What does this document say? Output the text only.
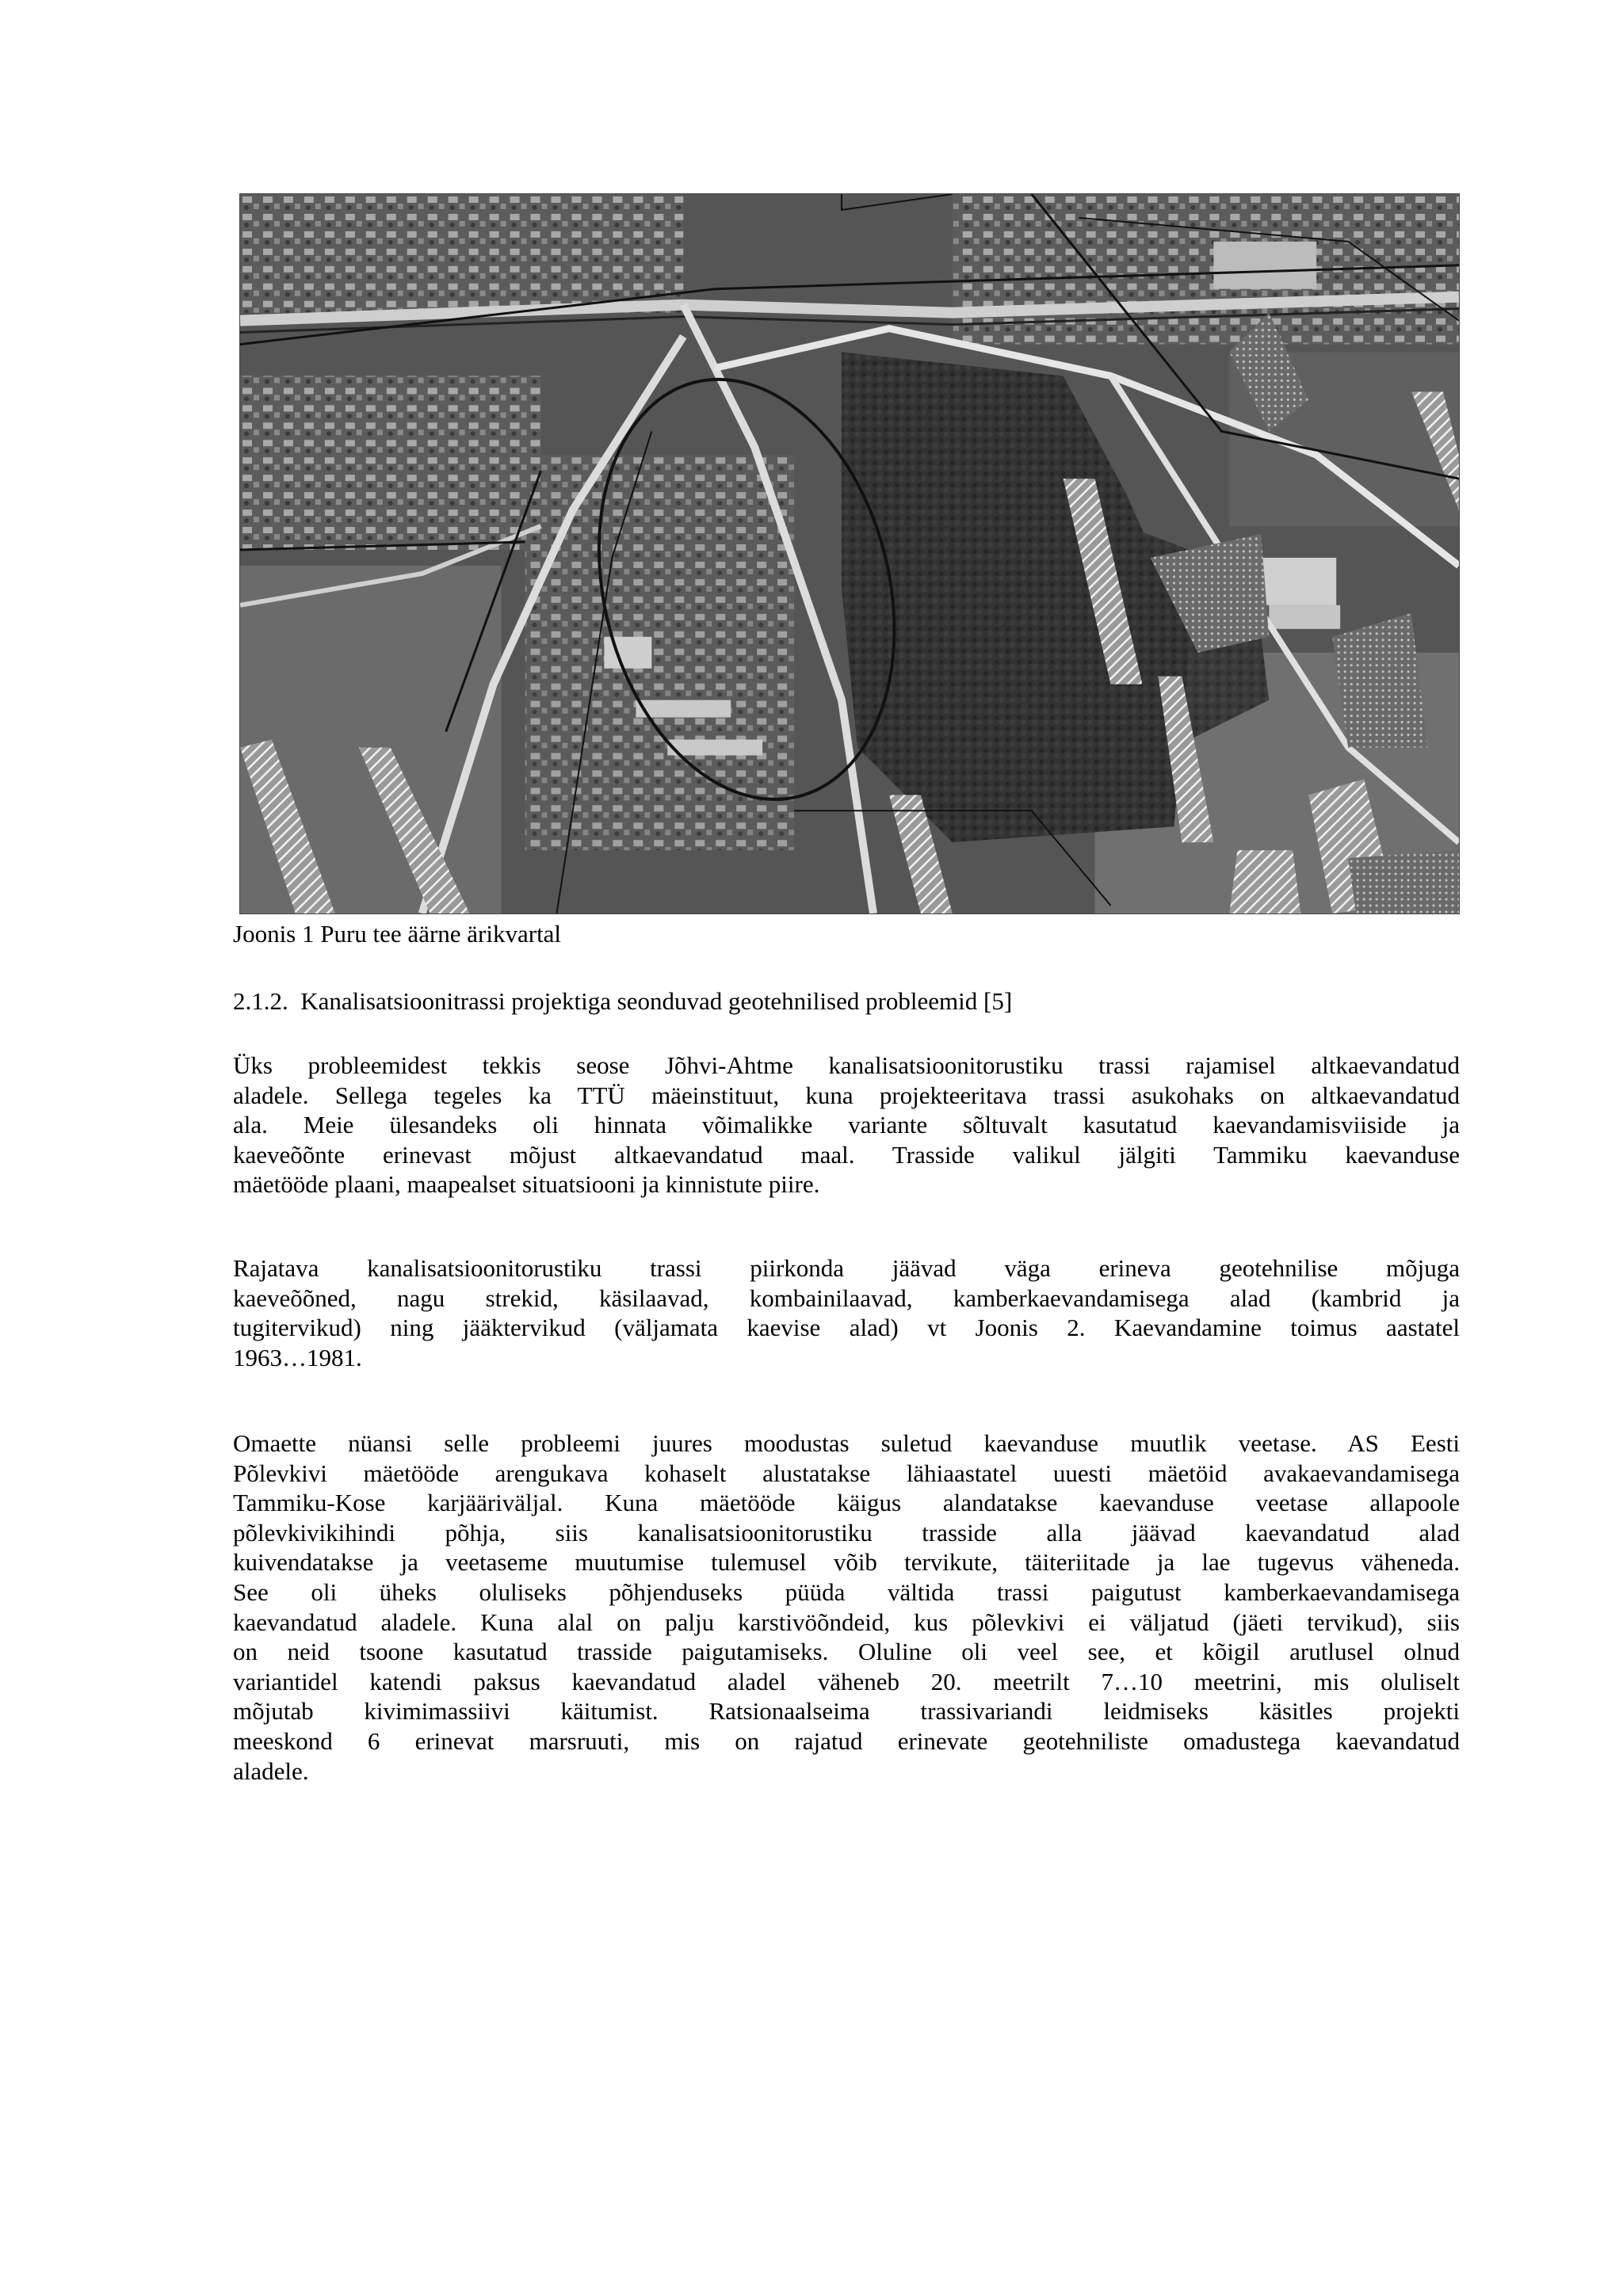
Joonis 1 Puru tee äärne ärikvartal
2.1.2. Kanalisatsioonitrassi projektiga seonduvad geotehnilised probleemid [5]
Üks probleemidest tekkis seose Jõhvi-Ahtme kanalisatsioonitorustiku trassi rajamisel altkaevandatud
aladele. Sellega tegeles ka TTÜ mäeinstituut, kuna projekteeritava trassi asukohaks on altkaevandatud
ala. Meie ülesandeks oli hinnata võimalikke variante sõltuvalt kasutatud kaevandamisviiside ja
kaeveõõnte erinevast mõjust altkaevandatud maal. Trasside valikul jälgiti Tammiku kaevanduse
mäetööde plaani, maapealset situatsiooni ja kinnistute piire.
Rajatava kanalisatsioonitorustiku trassi piirkonda jäävad väga erineva geotehnilise mõjuga
kaeveõõned, nagu strekid, käsilaavad, kombainilaavad, kamberkaevandamisega alad (kambrid ja
tugitervikud) ning jääktervikud (väljamata kaevise alad) vt Joonis 2. Kaevandamine toimus aastatel
1963…1981.
Omaette nüansi selle probleemi juures moodustas suletud kaevanduse muutlik veetase. AS Eesti
Põlevkivi mäetööde arengukava kohaselt alustatakse lähiaastatel uuesti mäetöid avakaevandamisega
Tammiku-Kose karjääriväljal. Kuna mäetööde käigus alandatakse kaevanduse veetase allapoole
põlevkivikihindi põhja, siis kanalisatsioonitorustiku trasside alla jäävad kaevandatud alad
kuivendatakse ja veetaseme muutumise tulemusel võib tervikute, täiteriitade ja lae tugevus väheneda.
See oli üheks oluliseks põhjenduseks püüda vältida trassi paigutust kamberkaevandamisega
kaevandatud aladele. Kuna alal on palju karstivöõndeid, kus põlevkivi ei väljatud (jäeti tervikud), siis
on neid tsoone kasutatud trasside paigutamiseks. Oluline oli veel see, et kõigil arutlusel olnud
variantidel katendi paksus kaevandatud aladel väheneb 20. meetrilt 7…10 meetrini, mis oluliselt
mõjutab kivimimassiivi käitumist. Ratsionaalseima trassivariandi leidmiseks käsitles projekti
meeskond 6 erinevat marsruuti, mis on rajatud erinevate geotehniliste omadustega kaevandatud
aladele.
